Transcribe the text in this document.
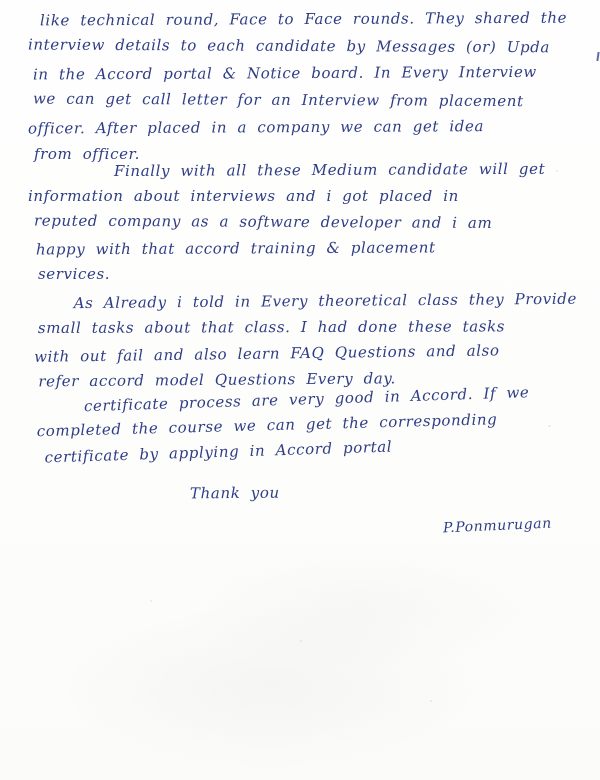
like technical round, Face to Face rounds. They shared the
interview details to each candidate by Messages (or) Upda
in the Accord portal & Notice board. In Every Interview
we can get call letter for an Interview from placement
officer. After placed in a company we can get idea
from officer.
Finally with all these Medium candidate will get
information about interviews and i got placed in
reputed company as a software developer and i am
happy with that accord training & placement
services.
As Already i told in Every theoretical class they Provide
small tasks about that class. I had done these tasks
with out fail and also learn FAQ Questions and also
refer accord model Questions Every day.
certificate process are very good in Accord. If we
completed the course we can get the corresponding
certificate by applying in Accord portal
Thank you
P.Ponmurugan
